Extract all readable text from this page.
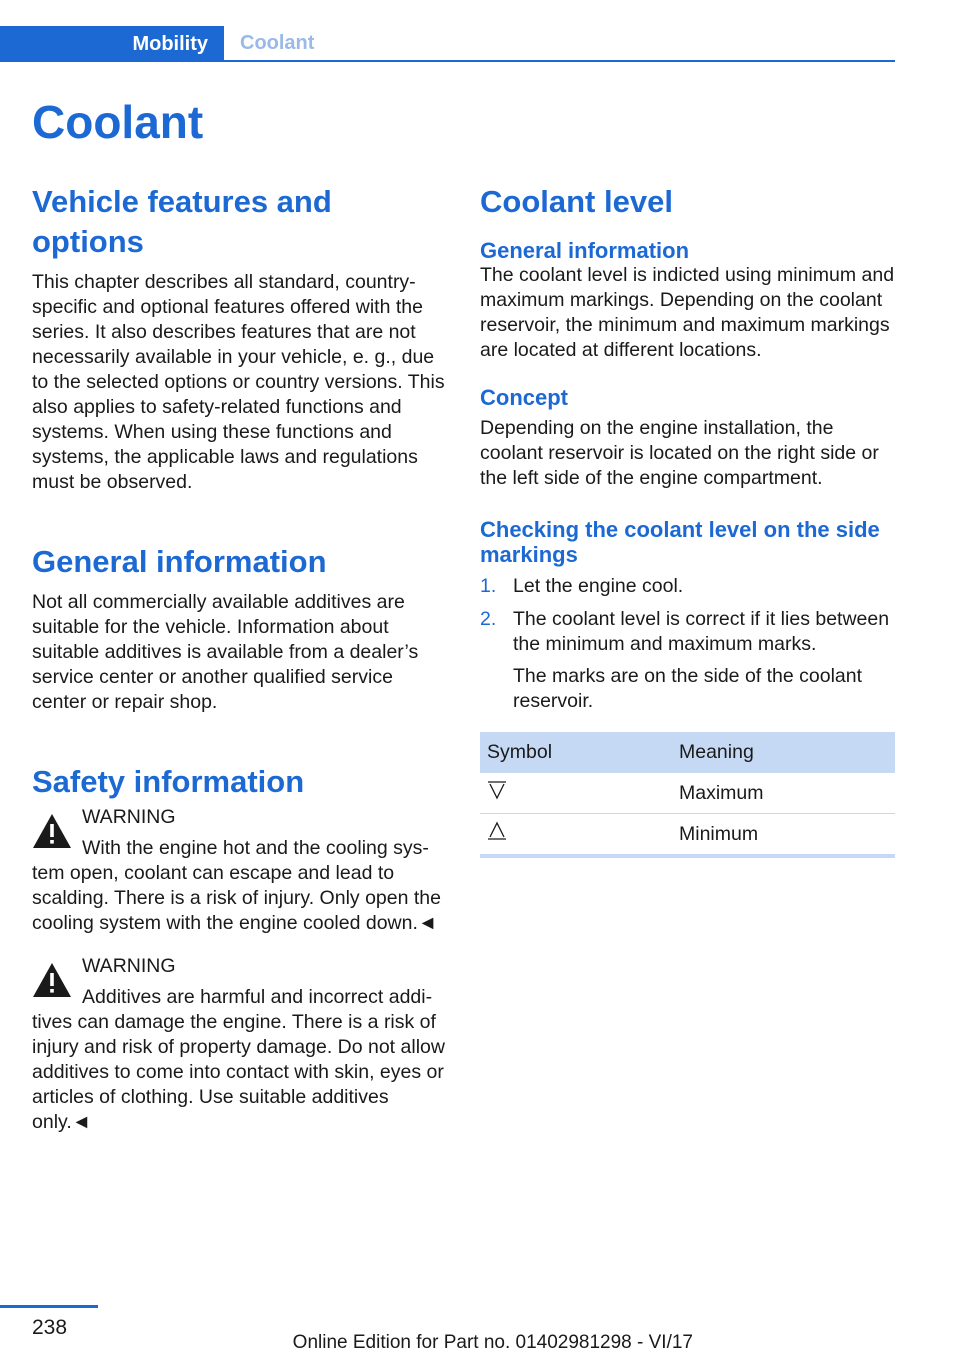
Mobility	Coolant
Coolant
Vehicle features and options

This chapter describes all standard, country-specific and optional features offered with the series. It also describes features that are not necessarily available in your vehicle, e. g., due to the selected options or country versions. This also applies to safety-related functions and systems. When using these functions and systems, the applicable laws and regulations must be observed.

General information

Not all commercially available additives are suitable for the vehicle. Information about suitable additives is available from a dealer’s service center or another qualified service center or repair shop.

Safety information

WARNING

With the engine hot and the cooling sys-

tem open, coolant can escape and lead to scalding. There is a risk of injury. Only open the cooling system with the engine cooled down.◄

WARNING

Additives are harmful and incorrect addi-

tives can damage the engine. There is a risk of injury and risk of property damage. Do not allow additives to come into contact with skin, eyes or articles of clothing. Use suitable additives only.◄

Coolant level
General information

The coolant level is indicted using minimum and maximum markings. Depending on the coolant reservoir, the minimum and maximum markings are located at different locations.

Concept

Depending on the engine installation, the coolant reservoir is located on the right side or the left side of the engine compartment.

Checking the coolant level on the side markings
1. Let the engine cool.
2. The coolant level is correct if it lies between the minimum and maximum marks.

The marks are on the side of the coolant reservoir.

Symbol	Meaning
	Maximum
	Minimum
238
Online Edition for Part no. 01402981298 - VI/17
